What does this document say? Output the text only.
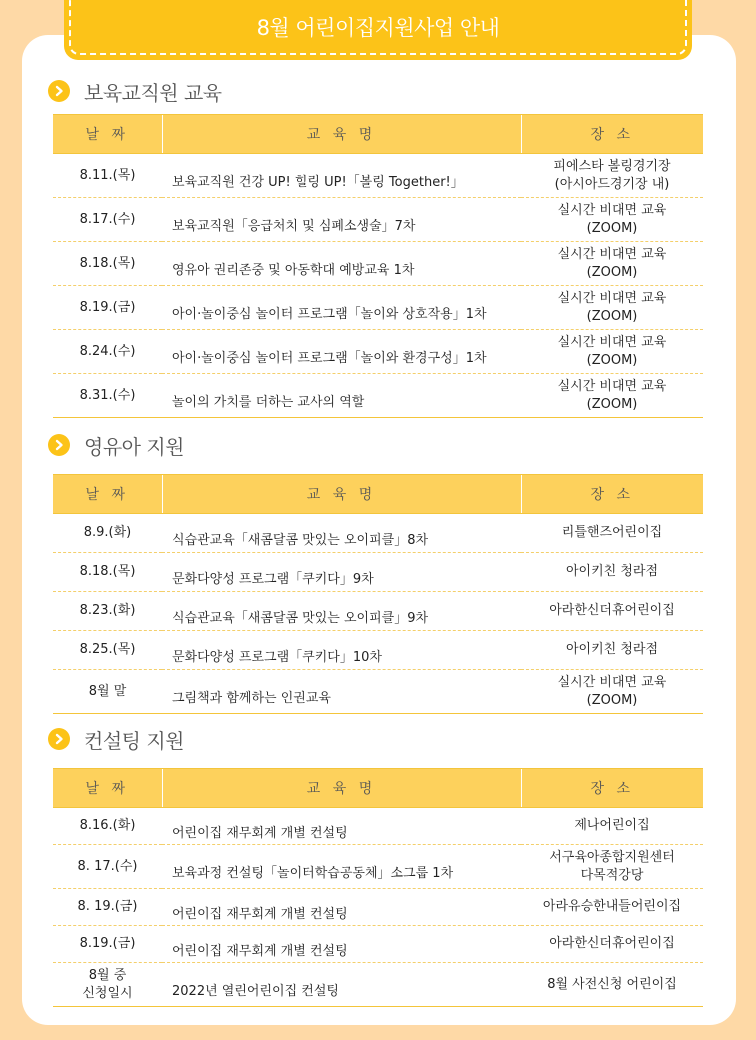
8월 어린이집지원사업 안내
보육교직원 교육
날 짜	교 육 명	장 소
8.11.(목)	보육교직원 건강 UP! 힐링 UP!「볼링 Together!」	피에스타 볼링경기장
(아시아드경기장 내)
8.17.(수)	보육교직원「응급처치 및 심폐소생술」7차	실시간 비대면 교육
(ZOOM)
8.18.(목)	영유아 권리존중 및 아동학대 예방교육 1차	실시간 비대면 교육
(ZOOM)
8.19.(금)	아이·놀이중심 놀이터 프로그램「놀이와 상호작용」1차	실시간 비대면 교육
(ZOOM)
8.24.(수)	아이·놀이중심 놀이터 프로그램「놀이와 환경구성」1차	실시간 비대면 교육
(ZOOM)
8.31.(수)	놀이의 가치를 더하는 교사의 역할	실시간 비대면 교육
(ZOOM)
영유아 지원
날 짜	교 육 명	장 소
8.9.(화)	식습관교육「새콤달콤 맛있는 오이피클」8차	리틀핸즈어린이집
8.18.(목)	문화다양성 프로그램「쿠키다」9차	아이키친 청라점
8.23.(화)	식습관교육「새콤달콤 맛있는 오이피클」9차	아라한신더휴어린이집
8.25.(목)	문화다양성 프로그램「쿠키다」10차	아이키친 청라점
8월 말	그림책과 함께하는 인권교육	실시간 비대면 교육
(ZOOM)
컨설팅 지원
날 짜	교 육 명	장 소
8.16.(화)	어린이집 재무회계 개별 컨설팅	제나어린이집
8. 17.(수)	보육과정 컨설팅「놀이터학습공동체」소그룹 1차	서구육아종합지원센터
다목적강당
8. 19.(금)	어린이집 재무회계 개별 컨설팅	아라유승한내들어린이집
8.19.(금)	어린이집 재무회계 개별 컨설팅	아라한신더휴어린이집
8월 중
신청일시	2022년 열린어린이집 컨설팅	8월 사전신청 어린이집
